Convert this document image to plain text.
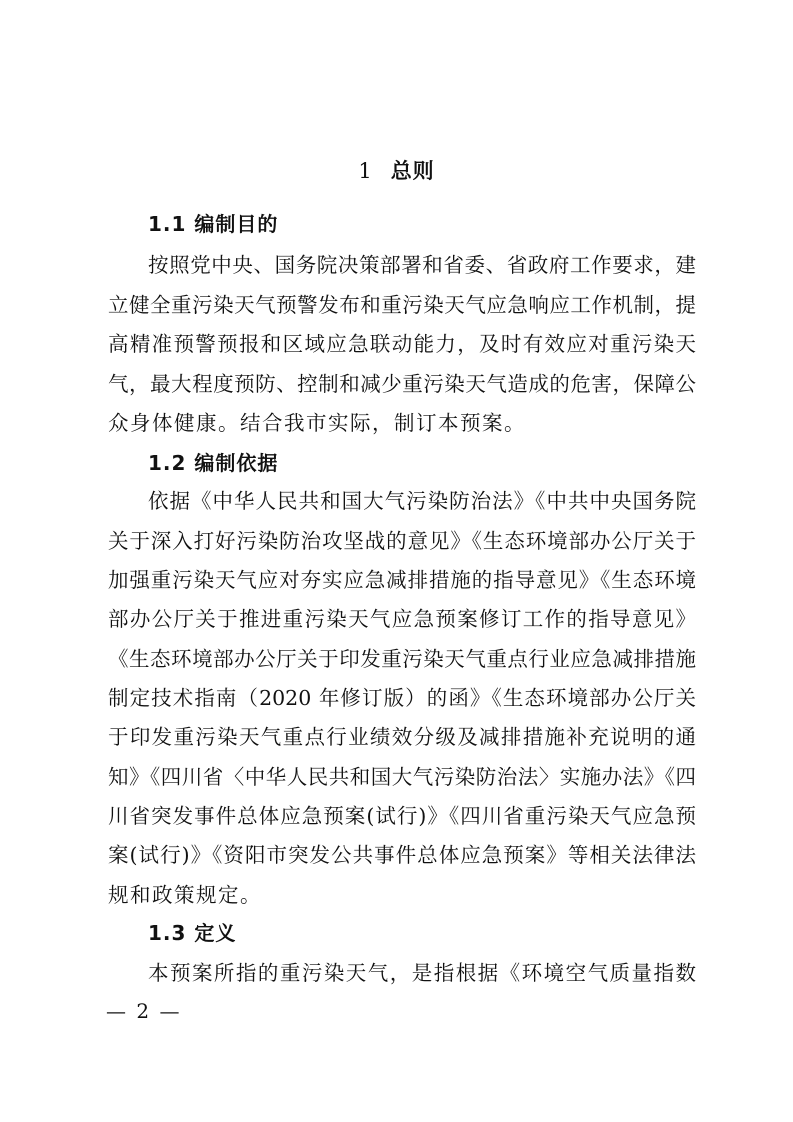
1 总则
1.1 编制目的
按照党中央、国务院决策部署和省委、省政府工作要求，建
立健全重污染天气预警发布和重污染天气应急响应工作机制，提
高精准预警预报和区域应急联动能力，及时有效应对重污染天
气，最大程度预防、控制和减少重污染天气造成的危害，保障公
众身体健康。结合我市实际，制订本预案。
1.2 编制依据
依据《中华人民共和国大气污染防治法》《中共中央国务院
关于深入打好污染防治攻坚战的意见》《生态环境部办公厅关于
加强重污染天气应对夯实应急减排措施的指导意见》《生态环境
部办公厅关于推进重污染天气应急预案修订工作的指导意见》
《生态环境部办公厅关于印发重污染天气重点行业应急减排措施
制定技术指南（2020 年修订版）的函》《生态环境部办公厅关
于印发重污染天气重点行业绩效分级及减排措施补充说明的通
知》《四川省〈中华人民共和国大气污染防治法〉实施办法》《四
川省突发事件总体应急预案(试行)》《四川省重污染天气应急预
案(试行)》《资阳市突发公共事件总体应急预案》等相关法律法
规和政策规定。
1.3 定义
本预案所指的重污染天气，是指根据《环境空气质量指数
— 2 —
